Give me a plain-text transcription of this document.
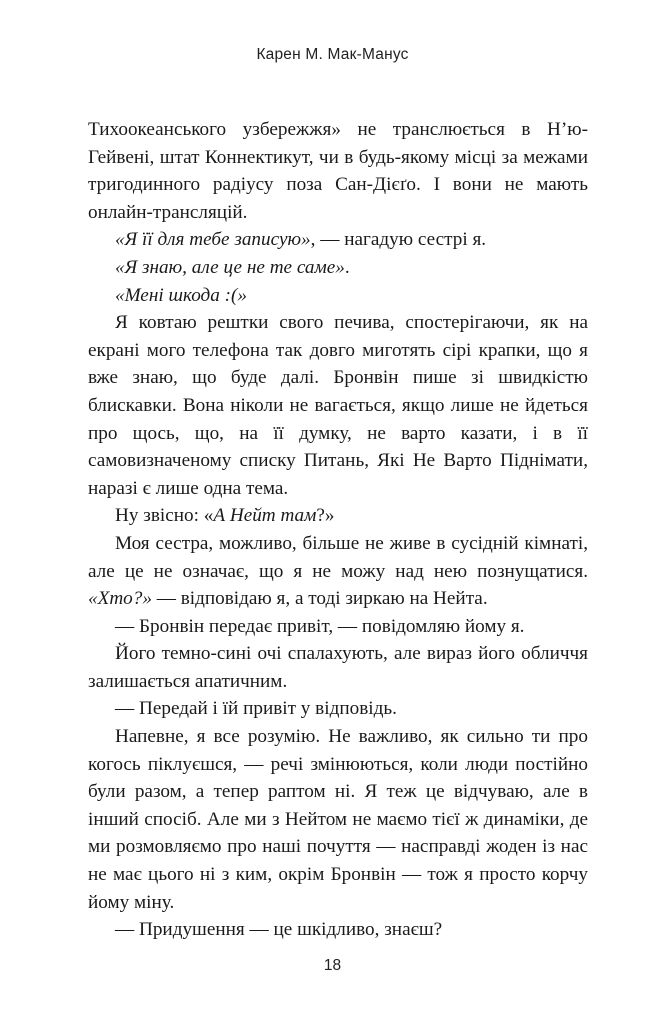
Карен М. Мак-Манус

Тихоокеанського узбережжя» не транслюється в Н’ю-Гейвені, штат Коннектикут, чи в будь-якому місці за межами тригодинного радіусу поза Сан-Дієґо. І вони не мають онлайн-трансляцій.

«Я її для тебе записую», — нагадую сестрі я.

«Я знаю, але це не те саме».

«Мені шкода :(»

Я ковтаю рештки свого печива, спостерігаючи, як на екрані мого телефона так довго миготять сірі крапки, що я вже знаю, що буде далі. Бронвін пише зі швидкістю блискавки. Вона ніколи не вагається, якщо лише не йдеться про щось, що, на її думку, не варто казати, і в її самовизначеному списку Питань, Які Не Варто Піднімати, наразі є лише одна тема.

Ну звісно: «А Нейт там?»

Моя сестра, можливо, більше не живе в сусідній кімнаті, але це не означає, що я не можу над нею познущатися. «Хто?» — відповідаю я, а тоді зиркаю на Нейта.

— Бронвін передає привіт, — повідомляю йому я.

Його темно-сині очі спалахують, але вираз його обличчя залишається апатичним.

— Передай і їй привіт у відповідь.

Напевне, я все розумію. Не важливо, як сильно ти про когось піклуєшся, — речі змінюються, коли люди постійно були разом, а тепер раптом ні. Я теж це відчуваю, але в інший спосіб. Але ми з Нейтом не маємо тієї ж динаміки, де ми розмовляємо про наші почуття — насправді жоден із нас не має цього ні з ким, окрім Бронвін — тож я просто корчу йому міну.

— Придушення — це шкідливо, знаєш?

18
